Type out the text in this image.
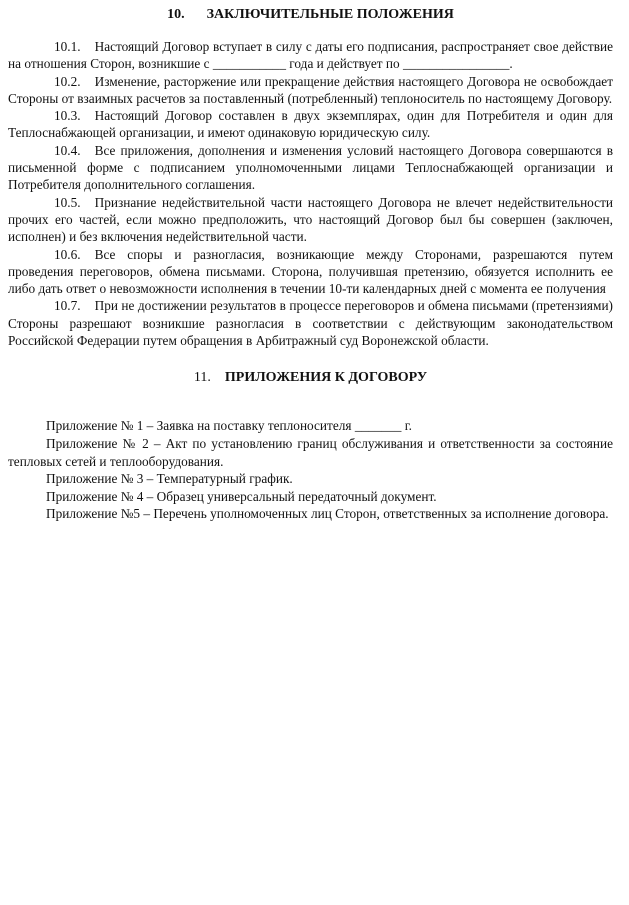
10. ЗАКЛЮЧИТЕЛЬНЫЕ ПОЛОЖЕНИЯ

10.1. Настоящий Договор вступает в силу с даты его подписания, распространяет свое действие на отношения Сторон, возникшие с ___________ года и действует по ________________.

10.2. Изменение, расторжение или прекращение действия настоящего Договора не освобождает Стороны от взаимных расчетов за поставленный (потребленный) теплоноситель по настоящему Договору.

10.3. Настоящий Договор составлен в двух экземплярах, один для Потребителя и один для Теплоснабжающей организации, и имеют одинаковую юридическую силу.

10.4. Все приложения, дополнения и изменения условий настоящего Договора совершаются в письменной форме с подписанием уполномоченными лицами Теплоснабжающей организации и Потребителя дополнительного соглашения.

10.5. Признание недействительной части настоящего Договора не влечет недействительности прочих его частей, если можно предположить, что настоящий Договор был бы совершен (заключен, исполнен) и без включения недействительной части.

10.6. Все споры и разногласия, возникающие между Сторонами, разрешаются путем проведения переговоров, обмена письмами. Сторона, получившая претензию, обязуется исполнить ее либо дать ответ о невозможности исполнения в течении 10-ти календарных дней с момента ее получения

10.7. При не достижении результатов в процессе переговоров и обмена письмами (претензиями) Стороны разрешают возникшие разногласия в соответствии с действующим законодательством Российской Федерации путем обращения в Арбитражный суд Воронежской области.

11. ПРИЛОЖЕНИЯ К ДОГОВОРУ

Приложение № 1 – Заявка на поставку теплоносителя _______ г.

Приложение № 2 – Акт по установлению границ обслуживания и ответственности за состояние тепловых сетей и теплооборудования.

Приложение № 3 – Температурный график.

Приложение № 4 – Образец универсальный передаточный документ.

Приложение №5 – Перечень уполномоченных лиц Сторон, ответственных за исполнение договора.
